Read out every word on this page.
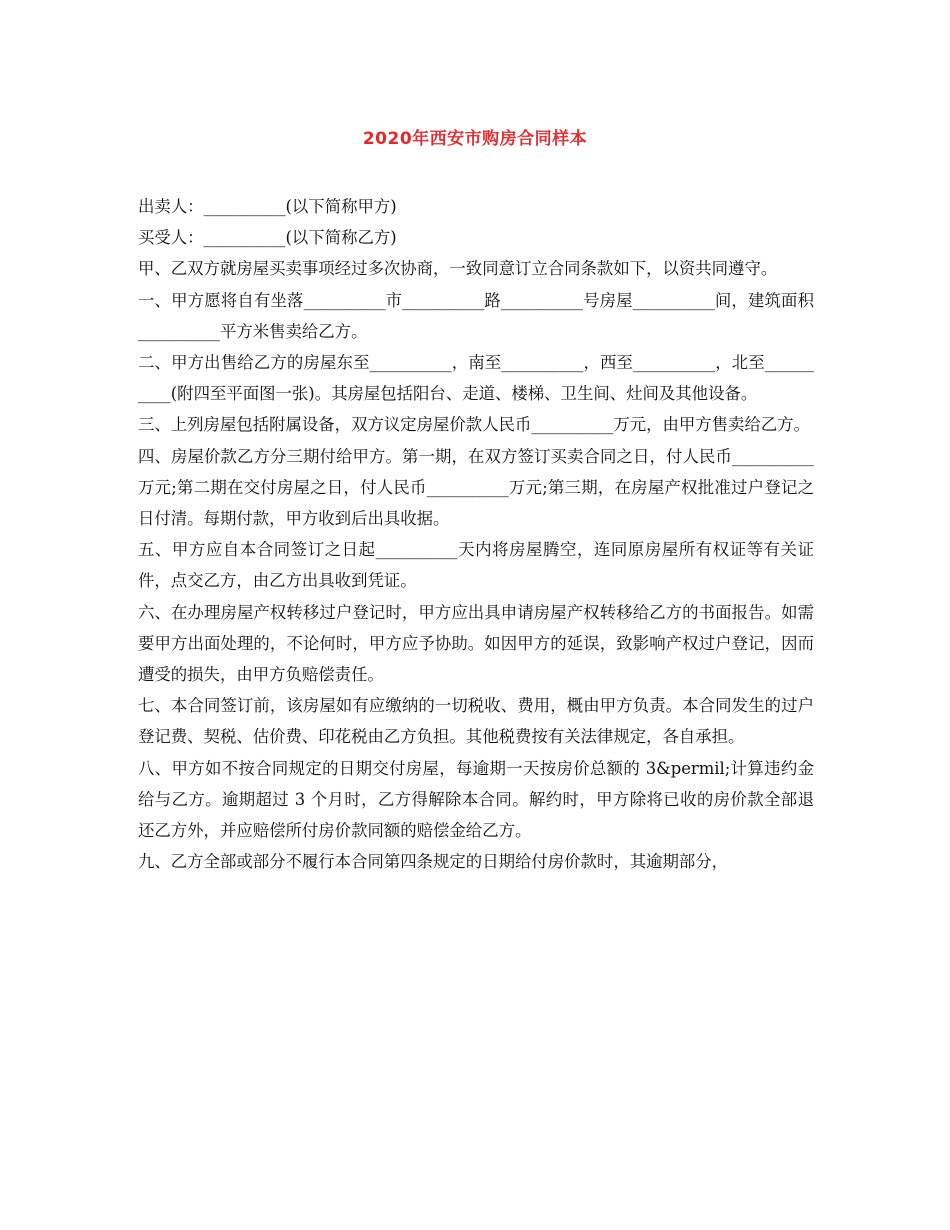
2020年西安市购房合同样本

出卖人：__________(以下简称甲方)

买受人：__________(以下简称乙方)

甲、乙双方就房屋买卖事项经过多次协商，一致同意订立合同条款如下，以资共同遵守。

一、甲方愿将自有坐落__________市__________路__________号房屋__________间，建筑面积__________平方米售卖给乙方。

二、甲方出售给乙方的房屋东至__________，南至__________，西至__________，北至__________(附四至平面图一张)。其房屋包括阳台、走道、楼梯、卫生间、灶间及其他设备。

三、上列房屋包括附属设备，双方议定房屋价款人民币__________万元，由甲方售卖给乙方。

四、房屋价款乙方分三期付给甲方。第一期，在双方签订买卖合同之日，付人民币__________万元;第二期在交付房屋之日，付人民币__________万元;第三期，在房屋产权批准过户登记之日付清。每期付款，甲方收到后出具收据。

五、甲方应自本合同签订之日起__________天内将房屋腾空，连同原房屋所有权证等有关证件，点交乙方，由乙方出具收到凭证。

六、在办理房屋产权转移过户登记时，甲方应出具申请房屋产权转移给乙方的书面报告。如需要甲方出面处理的，不论何时，甲方应予协助。如因甲方的延误，致影响产权过户登记，因而遭受的损失，由甲方负赔偿责任。

七、本合同签订前，该房屋如有应缴纳的一切税收、费用，概由甲方负责。本合同发生的过户登记费、契税、估价费、印花税由乙方负担。其他税费按有关法律规定，各自承担。

八、甲方如不按合同规定的日期交付房屋，每逾期一天按房价总额的 3&permil;计算违约金给与乙方。逾期超过 3 个月时，乙方得解除本合同。解约时，甲方除将已收的房价款全部退还乙方外，并应赔偿所付房价款同额的赔偿金给乙方。

九、乙方全部或部分不履行本合同第四条规定的日期给付房价款时，其逾期部分，
